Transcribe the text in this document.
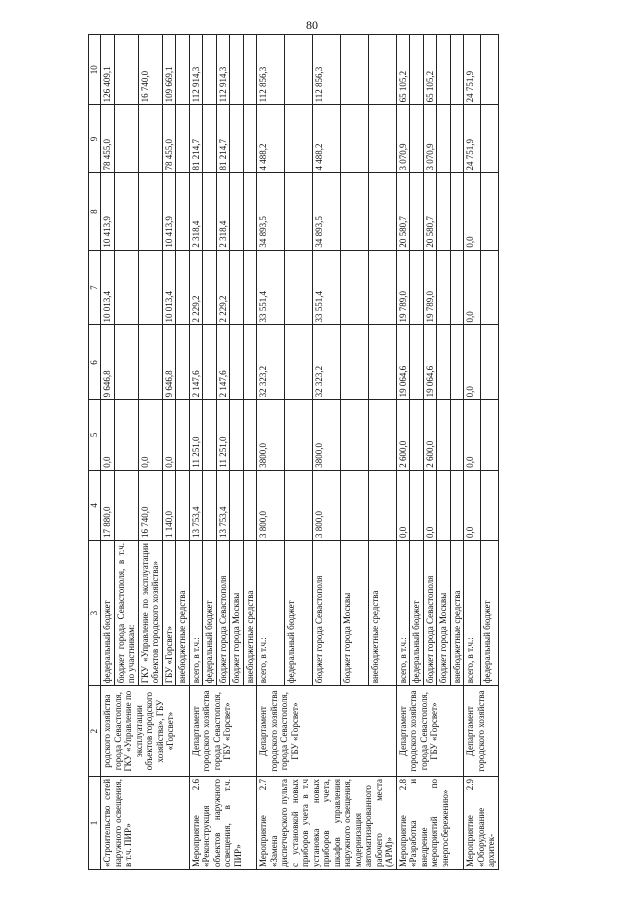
80
1	2	3	4	5	6	7	8	9	10
«Строительство сетей наружного освещения, в т.ч. ПИР»	родского хозяйства города Севастополя, ГКУ «Управление по эксплуатации объектов городского хозяйства», ГБУ «Горсвет»	федеральный бюджет	17 880,0	0,0	9 646,8	10 013,4	10 413,9	78 455,0	126 409,1
		бюджет города Севастополя, в т.ч. по участникам:							
		ГКУ «Управление по эксплуатации объектов городского хозяйства»	16 740,0	0,0					16 740,0
		ГБУ «Горсвет»	1 140,0	0,0	9 646,8	10 013,4	10 413,9	78 455,0	109 669,1
		внебюджетные средства							
Мероприятие 2.6 «Реконструкция объектов наружного освещения, в т.ч. ПИР»	Департамент городского хозяйства города Севастополя, ГБУ «Горсвет»	всего, в т.ч.:	13 753,4	11 251,0	2 147,6	2 229,2	2 318,4	81 214,7	112 914,3
		федеральный бюджет							
		бюджет города Севастополя	13 753,4	11 251,0	2 147,6	2 229,2	2 318,4	81 214,7	112 914,3
		бюджет города Москвы							
		внебюджетные средства							
Мероприятие 2.7 «Замена диспетчерского пульта с установкой новых приборов учета в т.ч установка новых приборов учета, шкафов управления наружного освещения, модернизация автоматизированного рабочего места (АРМ)»	Департамент городского хозяйства города Севастополя, ГБУ «Горсвет»	всего, в т.ч.:	3 800,0	3800,0	32 323,2	33 551,4	34 893,5	4 488,2	112 856,3
		федеральный бюджет							
		бюджет города Севастополя	3 800,0	3800,0	32 323,2	33 551,4	34 893,5	4 488,2	112 856,3
		бюджет города Москвы							
		внебюджетные средства							
Мероприятие 2.8 «Разработка и внедрение мероприятий по энергосбережению»	Департамент городского хозяйства города Севастополя, ГБУ «Горсвет»	всего, в т.ч.:	0,0	2 600,0	19 064,6	19 789,0	20 580,7	3 070,9	65 105,2
		федеральный бюджет							
		бюджет города Севастополя	0,0	2 600,0	19 064,6	19 789,0	20 580,7	3 070,9	65 105,2
		бюджет города Москвы							
		внебюджетные средства							
Мероприятие 2.9 «Оборудование архитек-	Департамент городского хозяйства	всего, в т.ч.:	0,0	0,0	0,0	0,0	0,0	24 751,9	24 751,9
		федеральный бюджет							
